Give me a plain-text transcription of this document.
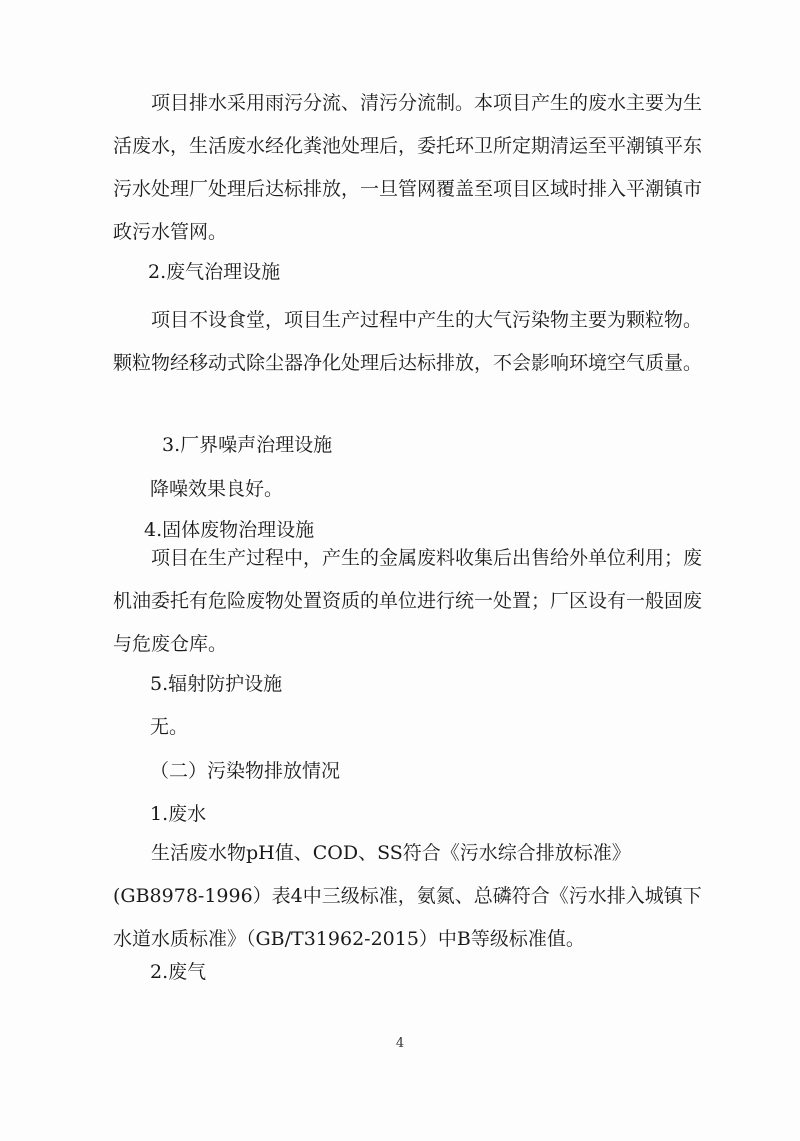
项目排水采用雨污分流、清污分流制。本项目产生的废水主要为生活废水，生活废水经化粪池处理后，委托环卫所定期清运至平潮镇平东污水处理厂处理后达标排放，一旦管网覆盖至项目区域时排入平潮镇市政污水管网。

2.废气治理设施

项目不设食堂，项目生产过程中产生的大气污染物主要为颗粒物。颗粒物经移动式除尘器净化处理后达标排放，不会影响环境空气质量。

3.厂界噪声治理设施

降噪效果良好。

4.固体废物治理设施

项目在生产过程中，产生的金属废料收集后出售给外单位利用；废机油委托有危险废物处置资质的单位进行统一处置；厂区设有一般固废与危废仓库。

5.辐射防护设施

无。

（二）污染物排放情况

1.废水

生活废水物pH值、COD、SS符合《污水综合排放标准》(GB8978-1996）表4中三级标准，氨氮、总磷符合《污水排入城镇下水道水质标准》（GB/T31962-2015）中B等级标准值。

2.废气

4
